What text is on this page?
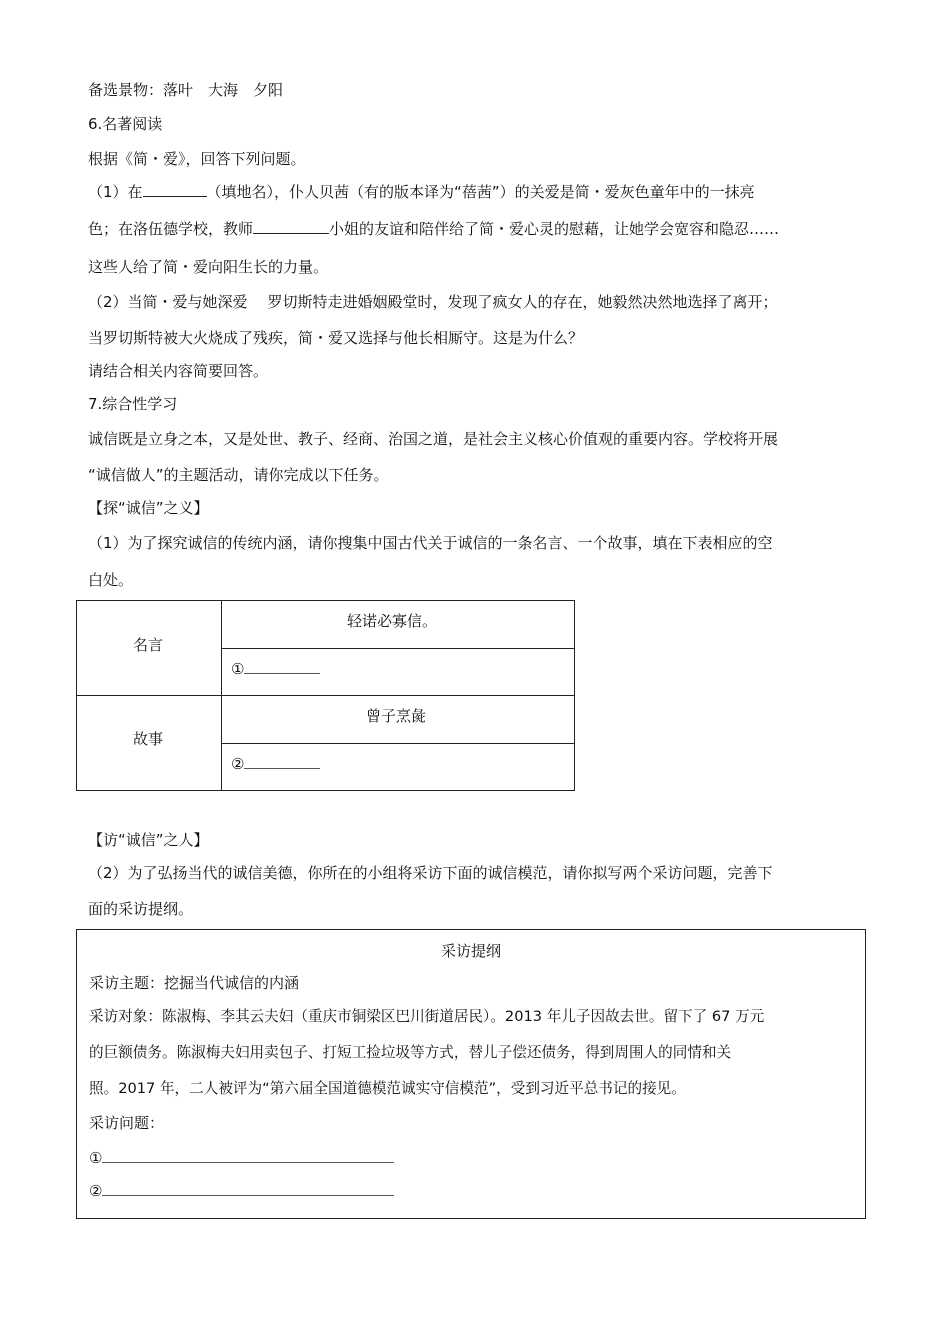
备选景物：落叶　大海　夕阳
6.名著阅读
根据《简・爱》，回答下列问题。
（1）在	（填地名），仆人贝茜（有的版本译为“蓓茜”）的关爱是简・爱灰色童年中的一抹亮
色；在洛伍德学校，教师	小姐的友谊和陪伴给了简・爱心灵的慰藉，让她学会宽容和隐忍……
这些人给了简・爱向阳生长的力量。
（2）当简・爱与她深爱 罗切斯特走进婚姻殿堂时，发现了疯女人的存在，她毅然决然地选择了离开；
当罗切斯特被大火烧成了残疾，简・爱又选择与他长相厮守。这是为什么？
请结合相关内容简要回答。
7.综合性学习
诚信既是立身之本，又是处世、教子、经商、治国之道，是社会主义核心价值观的重要内容。学校将开展
“诚信做人”的主题活动，请你完成以下任务。
【探“诚信”之义】
（1）为了探究诚信的传统内涵，请你搜集中国古代关于诚信的一条名言、一个故事，填在下表相应的空
白处。
名言
轻诺必寡信。
①
故事
曾子烹彘
②
【访“诚信”之人】
（2）为了弘扬当代的诚信美德，你所在的小组将采访下面的诚信模范，请你拟写两个采访问题，完善下
面的采访提纲。
采访提纲
采访主题：挖掘当代诚信的内涵
采访对象：陈淑梅、李其云夫妇（重庆市铜梁区巴川街道居民）。2013 年儿子因故去世。留下了 67 万元
的巨额债务。陈淑梅夫妇用卖包子、打短工捡垃圾等方式，替儿子偿还债务，得到周围人的同情和关
照。2017 年，二人被评为“第六届全国道德模范诚实守信模范”，受到习近平总书记的接见。
采访问题：
①
②
